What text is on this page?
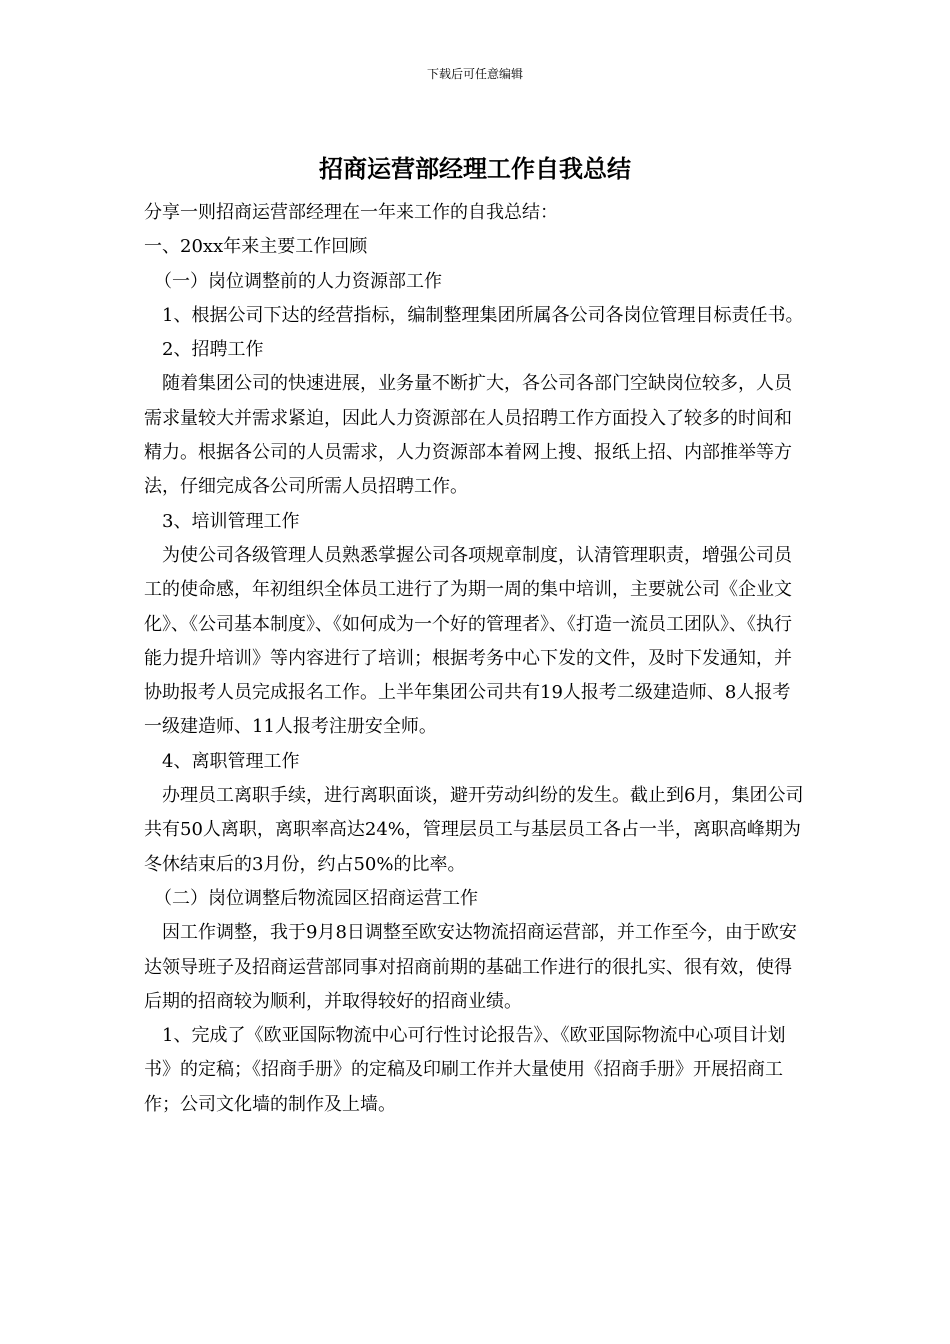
下载后可任意编辑
招商运营部经理工作自我总结

分享一则招商运营部经理在一年来工作的自我总结：

一、20xx年来主要工作回顾

（一）岗位调整前的人力资源部工作

1、根据公司下达的经营指标，编制整理集团所属各公司各岗位管理目标责任书。

2、招聘工作

随着集团公司的快速进展，业务量不断扩大，各公司各部门空缺岗位较多，人员需求量较大并需求紧迫，因此人力资源部在人员招聘工作方面投入了较多的时间和精力。根据各公司的人员需求，人力资源部本着网上搜、报纸上招、内部推举等方法，仔细完成各公司所需人员招聘工作。

3、培训管理工作

为使公司各级管理人员熟悉掌握公司各项规章制度，认清管理职责，增强公司员工的使命感，年初组织全体员工进行了为期一周的集中培训，主要就公司《企业文化》、《公司基本制度》、《如何成为一个好的管理者》、《打造一流员工团队》、《执行能力提升培训》等内容进行了培训；根据考务中心下发的文件，及时下发通知，并协助报考人员完成报名工作。上半年集团公司共有19人报考二级建造师、8人报考一级建造师、11人报考注册安全师。

4、离职管理工作

办理员工离职手续，进行离职面谈，避开劳动纠纷的发生。截止到6月，集团公司共有50人离职，离职率高达24%，管理层员工与基层员工各占一半，离职高峰期为冬休结束后的3月份，约占50%的比率。

（二）岗位调整后物流园区招商运营工作

因工作调整，我于9月8日调整至欧安达物流招商运营部，并工作至今，由于欧安达领导班子及招商运营部同事对招商前期的基础工作进行的很扎实、很有效，使得后期的招商较为顺利，并取得较好的招商业绩。

1、完成了《欧亚国际物流中心可行性讨论报告》、《欧亚国际物流中心项目计划书》的定稿；《招商手册》的定稿及印刷工作并大量使用《招商手册》开展招商工作；公司文化墙的制作及上墙。
